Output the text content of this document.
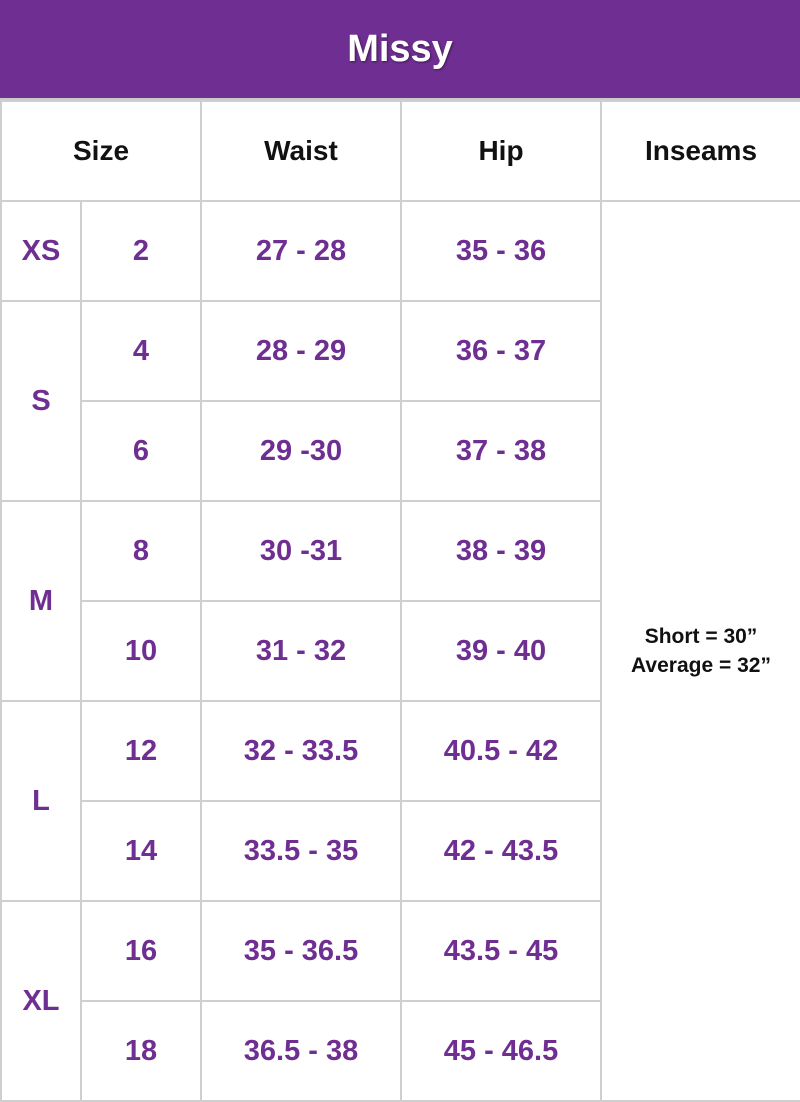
Missy
Size		Waist	Hip	Inseams
XS	2	27 - 28	35 - 36	Short = 30”
Average = 32”

S	4	28 - 29	36 - 37	
	6	29 -30	37 - 38	
M	8	30 -31	38 - 39	
	10	31 - 32	39 - 40	
L	12	32 - 33.5	40.5 - 42	
	14	33.5 - 35	42 - 43.5	
XL	16	35 - 36.5	43.5 - 45	
	18	36.5 - 38	45 - 46.5	
